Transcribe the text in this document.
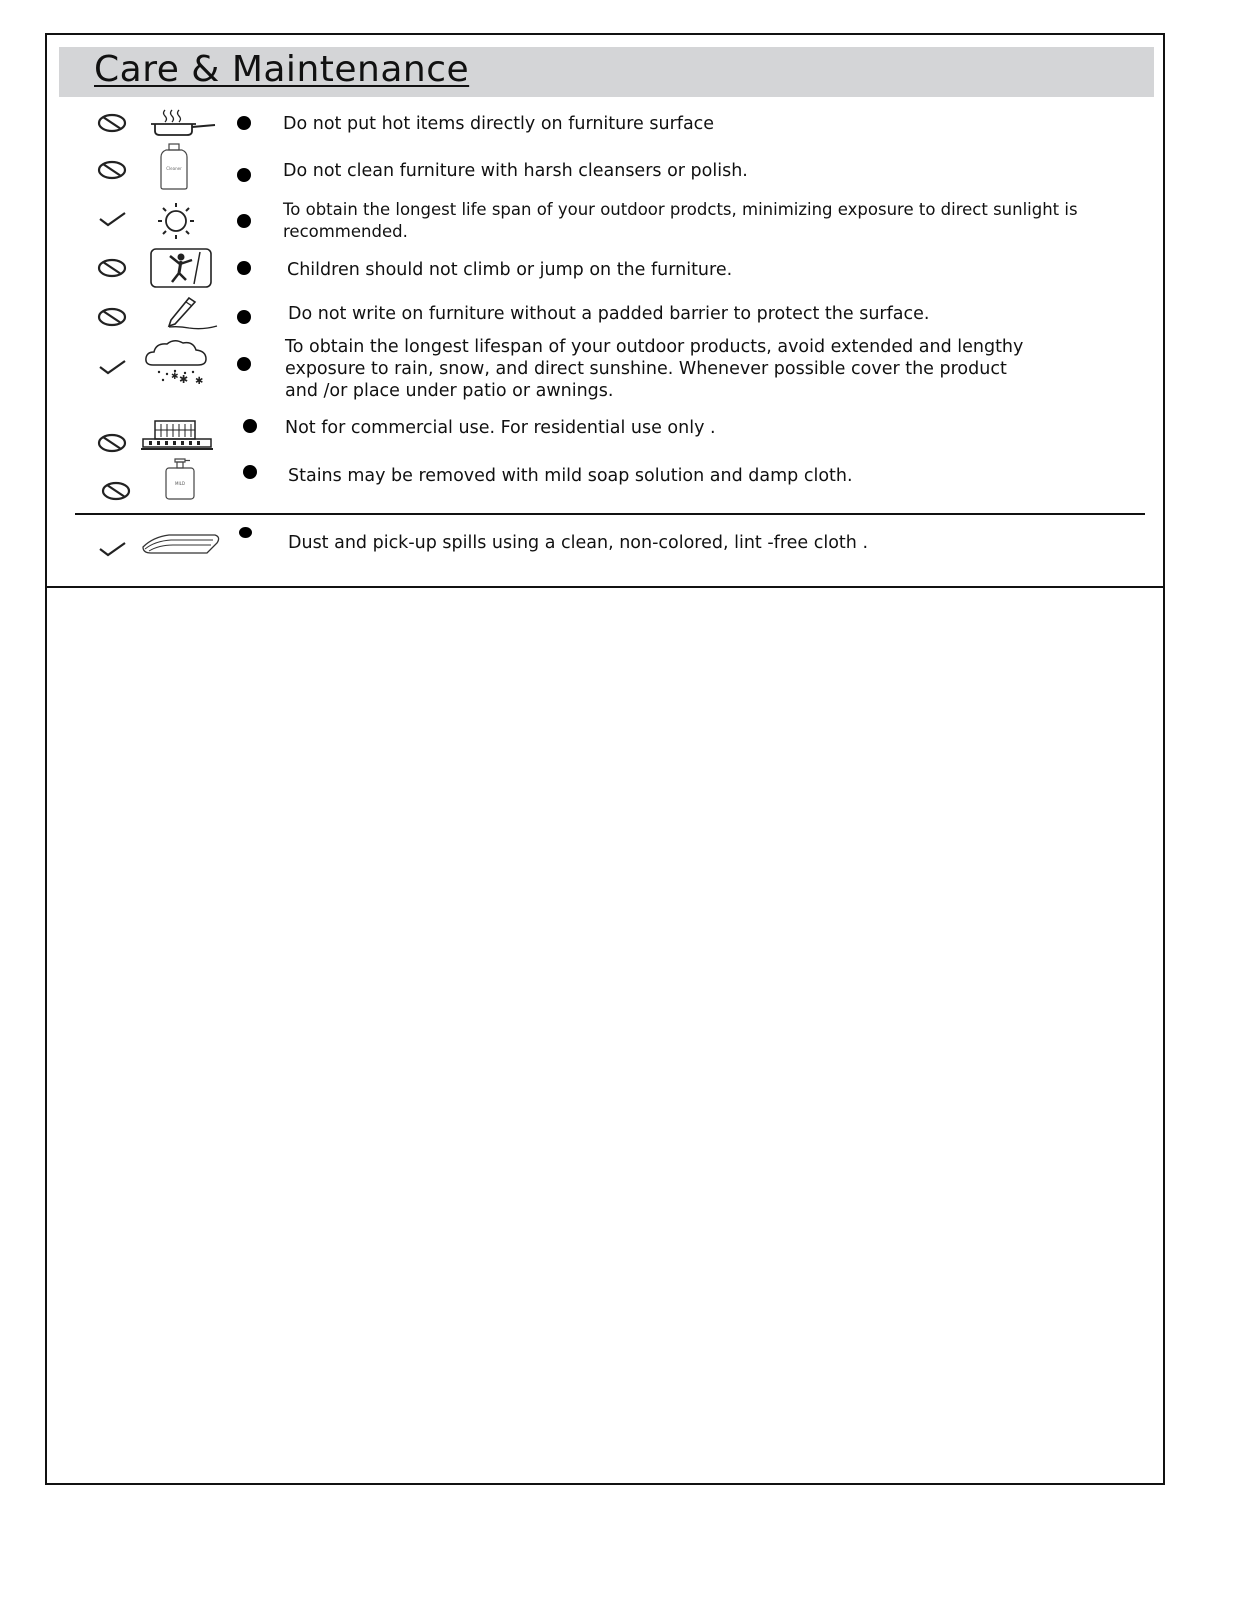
Care & Maintenance

Do not put hot items directly on furniture surface

Cleaner	Do not clean furniture with harsh cleansers or polish.

To obtain the longest life span of your outdoor prodcts, minimizing exposure to direct sunlight is recommended.

Children should not climb or jump on the furniture.

Do not write on furniture without a padded barrier to protect the surface.

✱ ✱
✱

To obtain the longest lifespan of your outdoor products, avoid extended and lengthy exposure to rain, snow, and direct sunshine. Whenever possible cover the product and /or place under patio or awnings.

Not for commercial use. For residential use only .

MILD	Stains may be removed with mild soap solution and damp cloth.

Dust and pick-up spills using a clean, non-colored, lint -free cloth .
